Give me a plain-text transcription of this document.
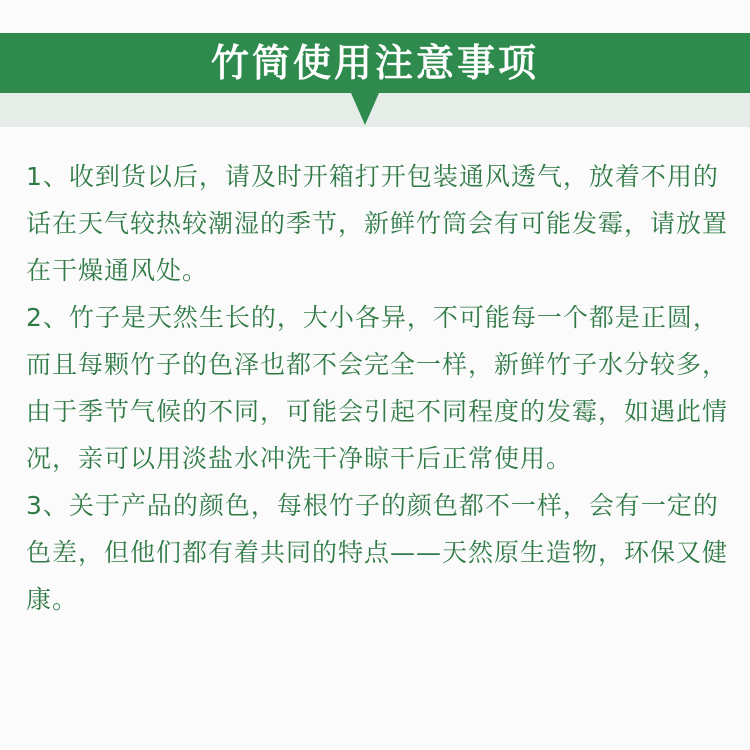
竹筒使用注意事项

1、收到货以后，请及时开箱打开包装通风透气，放着不用的话在天气较热较潮湿的季节，新鲜竹筒会有可能发霉，请放置在干燥通风处。

2、竹子是天然生长的，大小各异，不可能每一个都是正圆，而且每颗竹子的色泽也都不会完全一样，新鲜竹子水分较多，由于季节气候的不同，可能会引起不同程度的发霉，如遇此情况，亲可以用淡盐水冲洗干净晾干后正常使用。

3、关于产品的颜色，每根竹子的颜色都不一样，会有一定的色差，但他们都有着共同的特点——天然原生造物，环保又健康。
